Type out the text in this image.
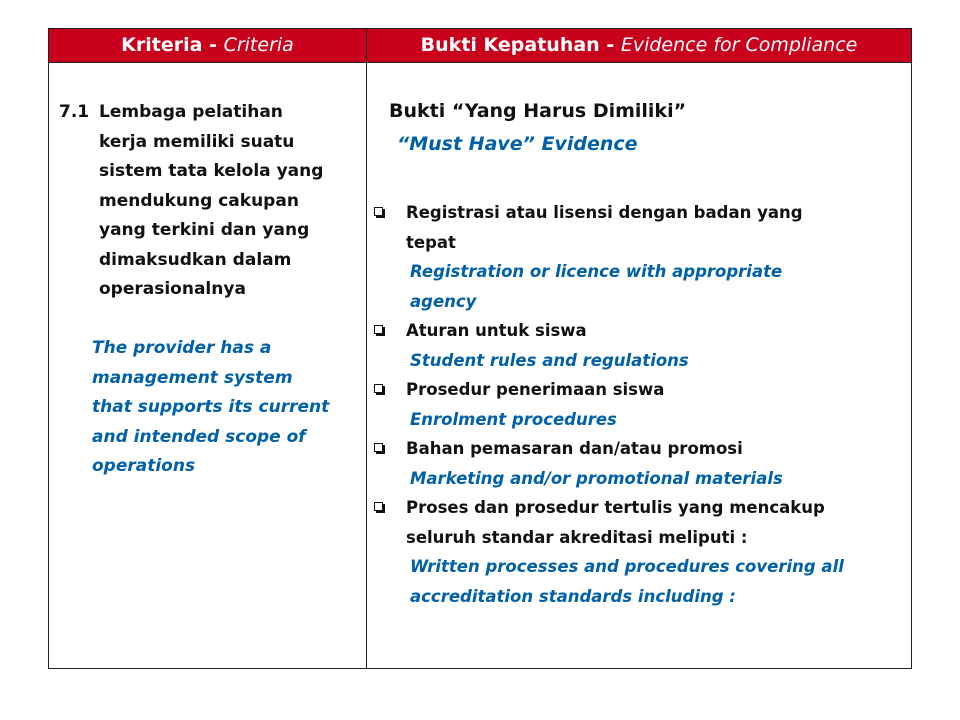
Kriteria - Criteria	Bukti Kepatuhan - Evidence for Compliance
7.1 Lembaga pelatihan
kerja memiliki suatu
sistem tata kelola yang
mendukung cakupan
yang terkini dan yang
dimaksudkan dalam
operasionalnya
The provider has a
management system
that supports its current
and intended scope of
operations
Bukti “Yang Harus Dimiliki”
“Must Have” Evidence
Registrasi atau lisensi dengan badan yang
tepat
Registration or licence with appropriate
agency
Aturan untuk siswa
Student rules and regulations
Prosedur penerimaan siswa
Enrolment procedures
Bahan pemasaran dan/atau promosi
Marketing and/or promotional materials
Proses dan prosedur tertulis yang mencakup
seluruh standar akreditasi meliputi :
Written processes and procedures covering all
accreditation standards including :
